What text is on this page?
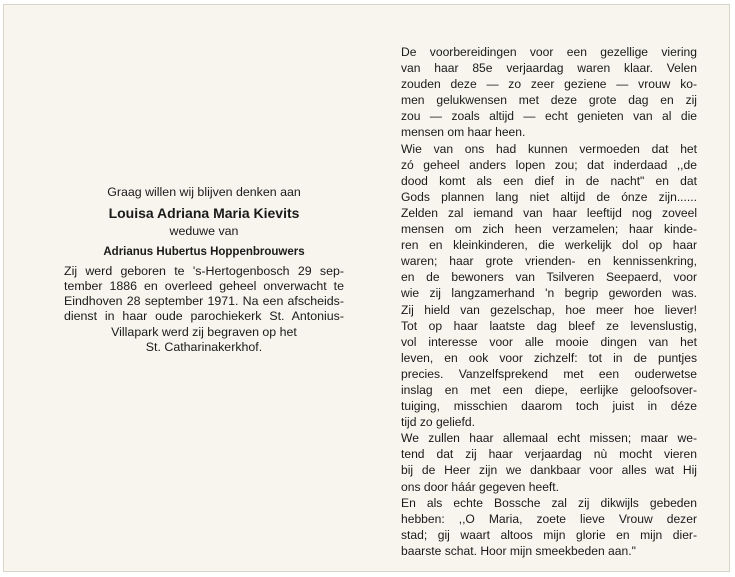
Graag willen wij blijven denken aan
Louisa Adriana Maria Kievits
weduwe van
Adrianus Hubertus Hoppenbrouwers
Zij werd geboren te 's-Hertogenbosch 29 sep-
tember 1886 en overleed geheel onverwacht te
Eindhoven 28 september 1971. Na een afscheids-
dienst in haar oude parochiekerk St. Antonius-
Villapark werd zij begraven op het
St. Catharinakerkhof.
De voorbereidingen voor een gezellige viering
van haar 85e verjaardag waren klaar. Velen
zouden deze — zo zeer geziene — vrouw ko-
men gelukwensen met deze grote dag en zij
zou — zoals altijd — echt genieten van al die
mensen om haar heen.
Wie van ons had kunnen vermoeden dat het
zó geheel anders lopen zou; dat inderdaad ,,de
dood komt als een dief in de nacht" en dat
Gods plannen lang niet altijd de ónze zijn......
Zelden zal iemand van haar leeftijd nog zoveel
mensen om zich heen verzamelen; haar kinde-
ren en kleinkinderen, die werkelijk dol op haar
waren; haar grote vrienden- en kennissenkring,
en de bewoners van Tsilveren Seepaerd, voor
wie zij langzamerhand 'n begrip geworden was.
Zij hield van gezelschap, hoe meer hoe liever!
Tot op haar laatste dag bleef ze levenslustig,
vol interesse voor alle mooie dingen van het
leven, en ook voor zichzelf: tot in de puntjes
precies. Vanzelfsprekend met een ouderwetse
inslag en met een diepe, eerlijke geloofsover-
tuiging, misschien daarom toch juist in déze
tijd zo geliefd.
We zullen haar allemaal echt missen; maar we-
tend dat zij haar verjaardag nù mocht vieren
bij de Heer zijn we dankbaar voor alles wat Hij
ons door háár gegeven heeft.
En als echte Bossche zal zij dikwijls gebeden
hebben: ,,O Maria, zoete lieve Vrouw dezer
stad; gij waart altoos mijn glorie en mijn dier-
baarste schat. Hoor mijn smeekbeden aan."
